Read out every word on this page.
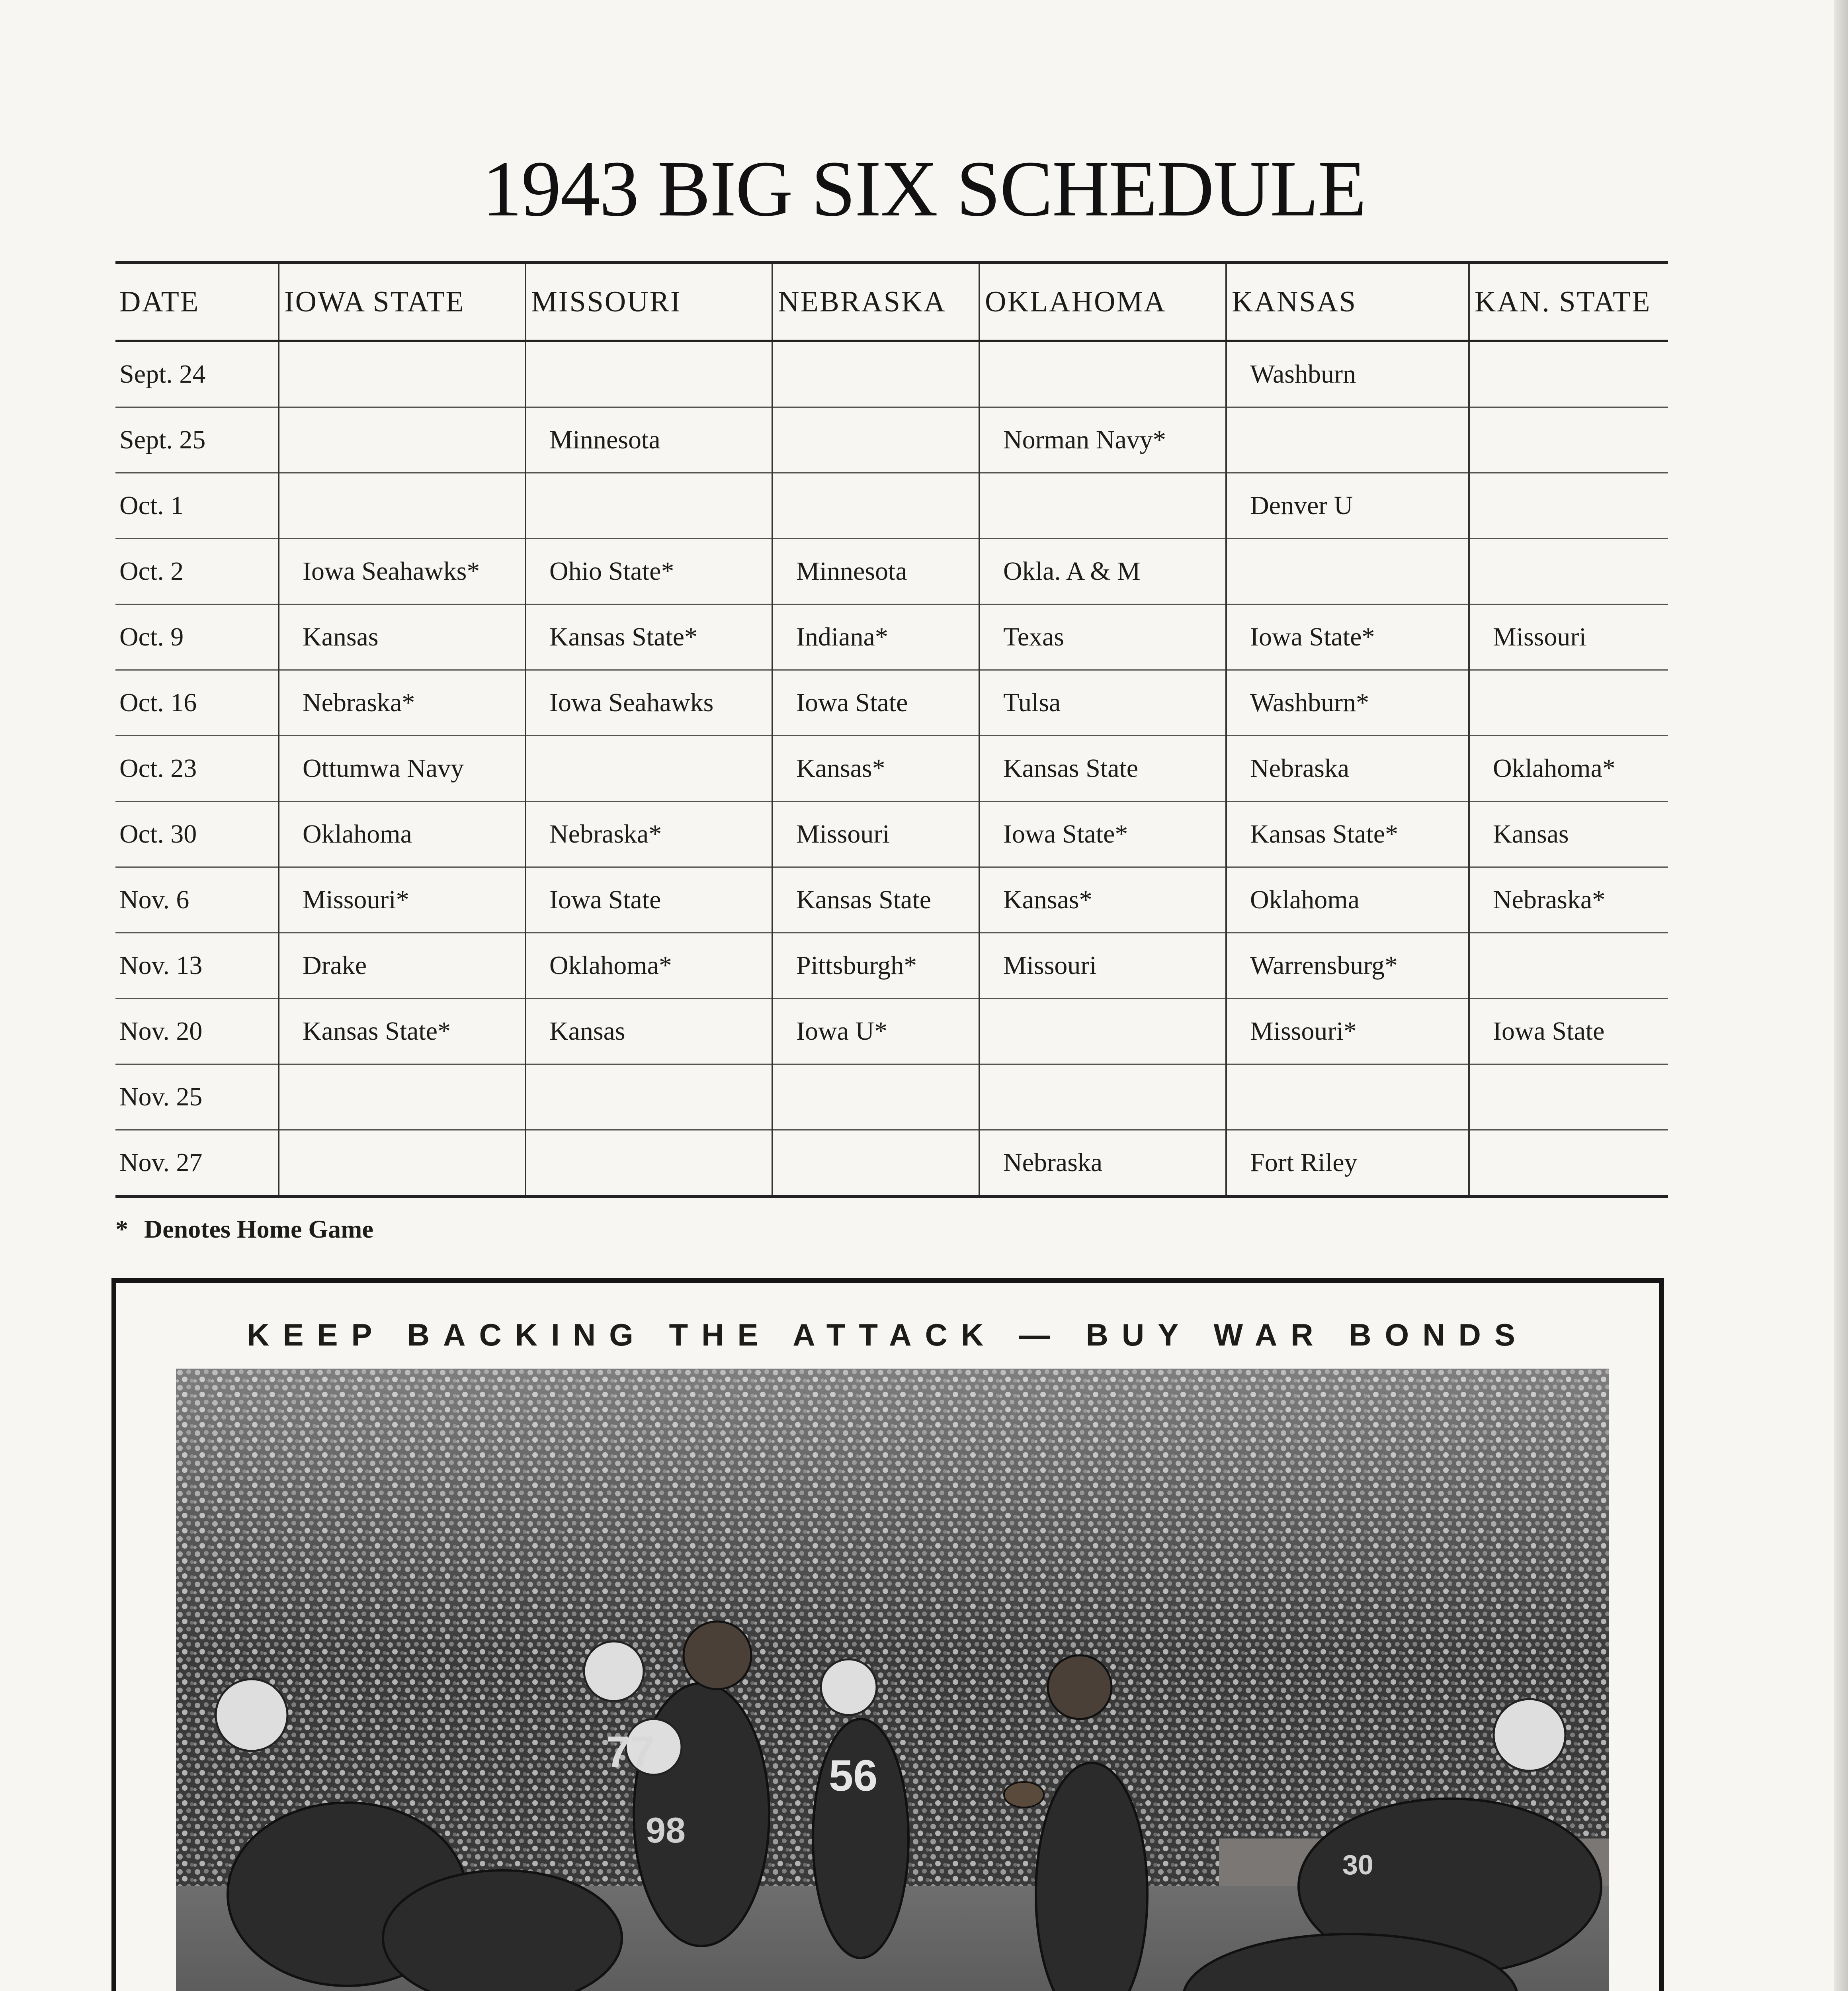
1943 BIG SIX SCHEDULE
DATE	IOWA STATE	MISSOURI	NEBRASKA	OKLAHOMA	KANSAS	KAN. STATE
Sept. 24					Washburn	
Sept. 25		Minnesota		Norman Navy*		
Oct. 1					Denver U	
Oct. 2	Iowa Seahawks*	Ohio State*	Minnesota	Okla. A & M		
Oct. 9	Kansas	Kansas State*	Indiana*	Texas	Iowa State*	Missouri
Oct. 16	Nebraska*	Iowa Seahawks	Iowa State	Tulsa	Washburn*	
Oct. 23	Ottumwa Navy		Kansas*	Kansas State	Nebraska	Oklahoma*
Oct. 30	Oklahoma	Nebraska*	Missouri	Iowa State*	Kansas State*	Kansas
Nov. 6	Missouri*	Iowa State	Kansas State	Kansas*	Oklahoma	Nebraska*
Nov. 13	Drake	Oklahoma*	Pittsburgh*	Missouri	Warrensburg*	
Nov. 20	Kansas State*	Kansas	Iowa U*		Missouri*	Iowa State
Nov. 25						
Nov. 27				Nebraska	Fort Riley	
* Denotes Home Game
KEEP BACKING THE ATTACK — BUY WAR BONDS
77	56
98
30
